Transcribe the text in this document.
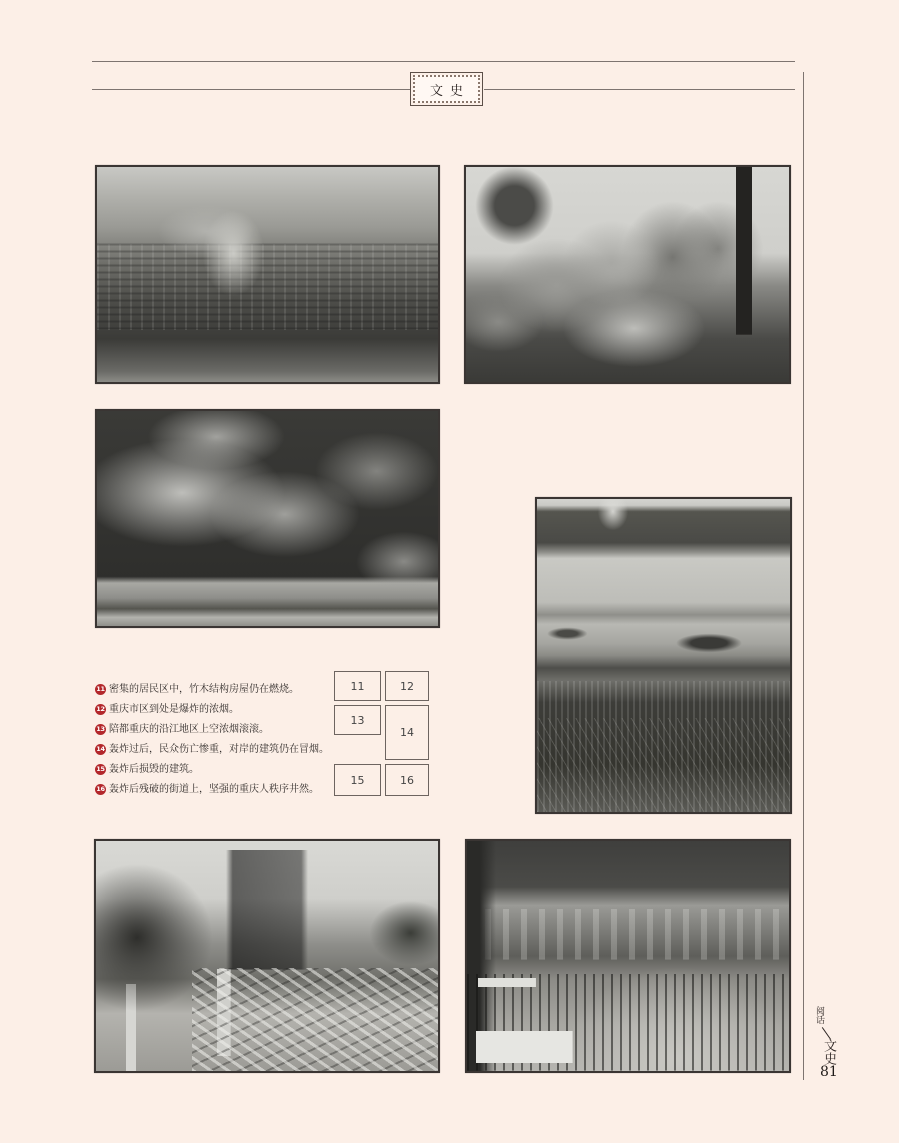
文史
11 密集的居民区中，竹木结构房屋仍在燃烧。
12 重庆市区到处是爆炸的浓烟。
13 陪都重庆的沿江地区上空浓烟滚滚。
14 轰炸过后，民众伤亡惨重，对岸的建筑仍在冒烟。
15 轰炸后损毁的建筑。
16 轰炸后残破的街道上，坚强的重庆人秩序井然。
11	12
13
14
15	16
阅话
文史
81
